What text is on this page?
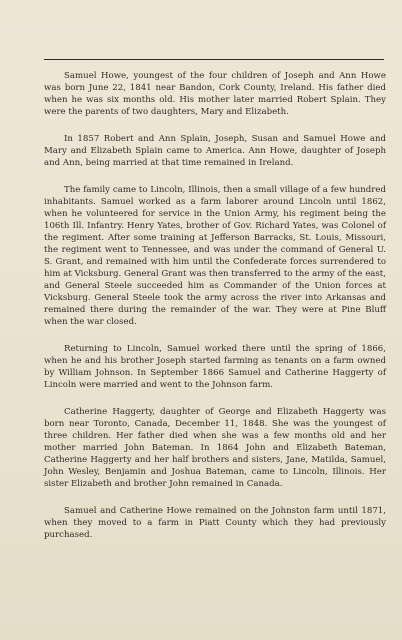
Samuel Howe, youngest of the four children of Joseph and Ann Howe was born June 22, 1841 near Bandon, Cork County, Ireland. His father died when he was six months old. His mother later married Robert Splain. They were the parents of two daughters, Mary and Elizabeth.

In 1857 Robert and Ann Splain, Joseph, Susan and Samuel Howe and Mary and Elizabeth Splain came to America. Ann Howe, daughter of Joseph and Ann, being married at that time remained in Ireland.

The family came to Lincoln, Illinois, then a small village of a few hundred inhabitants. Samuel worked as a farm laborer around Lincoln until 1862, when he volunteered for service in the Union Army, his regiment being the 106th Ill. Infantry. Henry Yates, brother of Gov. Richard Yates, was Colonel of the regiment. After some training at Jefferson Barracks, St. Louis, Missouri, the regiment went to Tennessee, and was under the command of General U. S. Grant, and remained with him until the Confederate forces surrendered to him at Vicksburg. General Grant was then transferred to the army of the east, and General Steele succeeded him as Commander of the Union forces at Vicksburg. General Steele took the army across the river into Arkansas and remained there during the remainder of the war. They were at Pine Bluff when the war closed.

Returning to Lincoln, Samuel worked there until the spring of 1866, when he and his brother Joseph started farming as tenants on a farm owned by William Johnson. In September 1866 Samuel and Catherine Haggerty of Lincoln were married and went to the Johnson farm.

Catherine Haggerty, daughter of George and Elizabeth Haggerty was born near Toronto, Canada, December 11, 1848. She was the youngest of three children. Her father died when she was a few months old and her mother married John Bateman. In 1864 John and Elizabeth Bateman, Catherine Haggerty and her half brothers and sisters, Jane, Matilda, Samuel, John Wesley, Benjamin and Joshua Bateman, came to Lincoln, Illinois. Her sister Elizabeth and brother John remained in Canada.

Samuel and Catherine Howe remained on the Johnston farm until 1871, when they moved to a farm in Piatt County which they had previously purchased.
